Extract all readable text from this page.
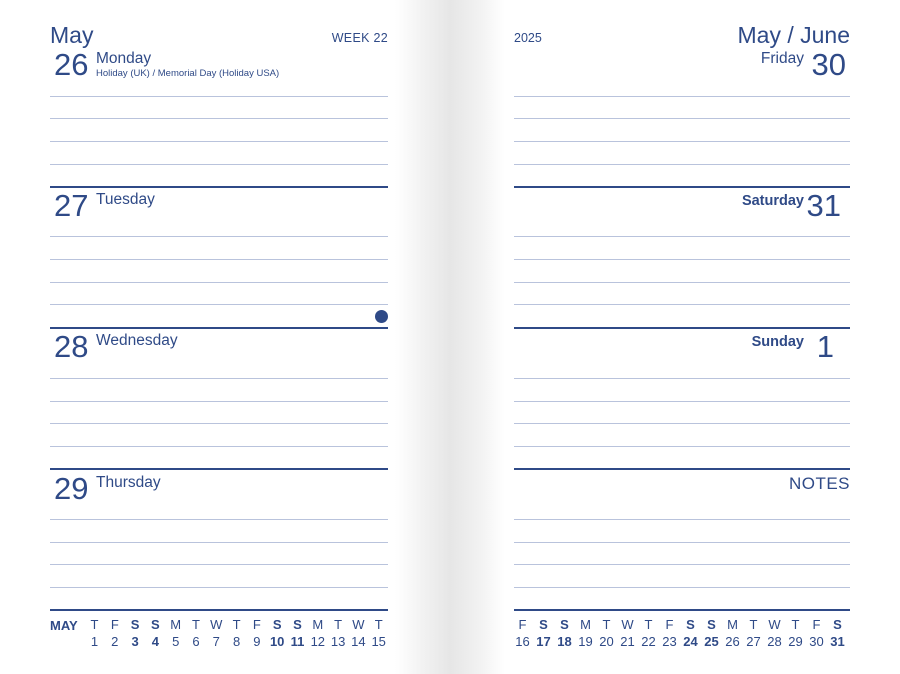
May	WEEK 22
26 Monday
Holiday (UK) / Memorial Day (Holiday USA)
27 Tuesday
28 Wednesday
29 Thursday
MAY T
1
F
2
S
3
S
4
M
5
T
6
W
7
T
8
F
9
S
10
S
11
M
12
T
13
W
14
T
15
2025	May / June
Friday 30
Saturday 31
Sunday 1
NOTES
F
16
S
17
S
18
M
19
T
20
W
21
T
22
F
23
S
24
S
25
M
26
T
27
W
28
T
29
F
30
S
31
